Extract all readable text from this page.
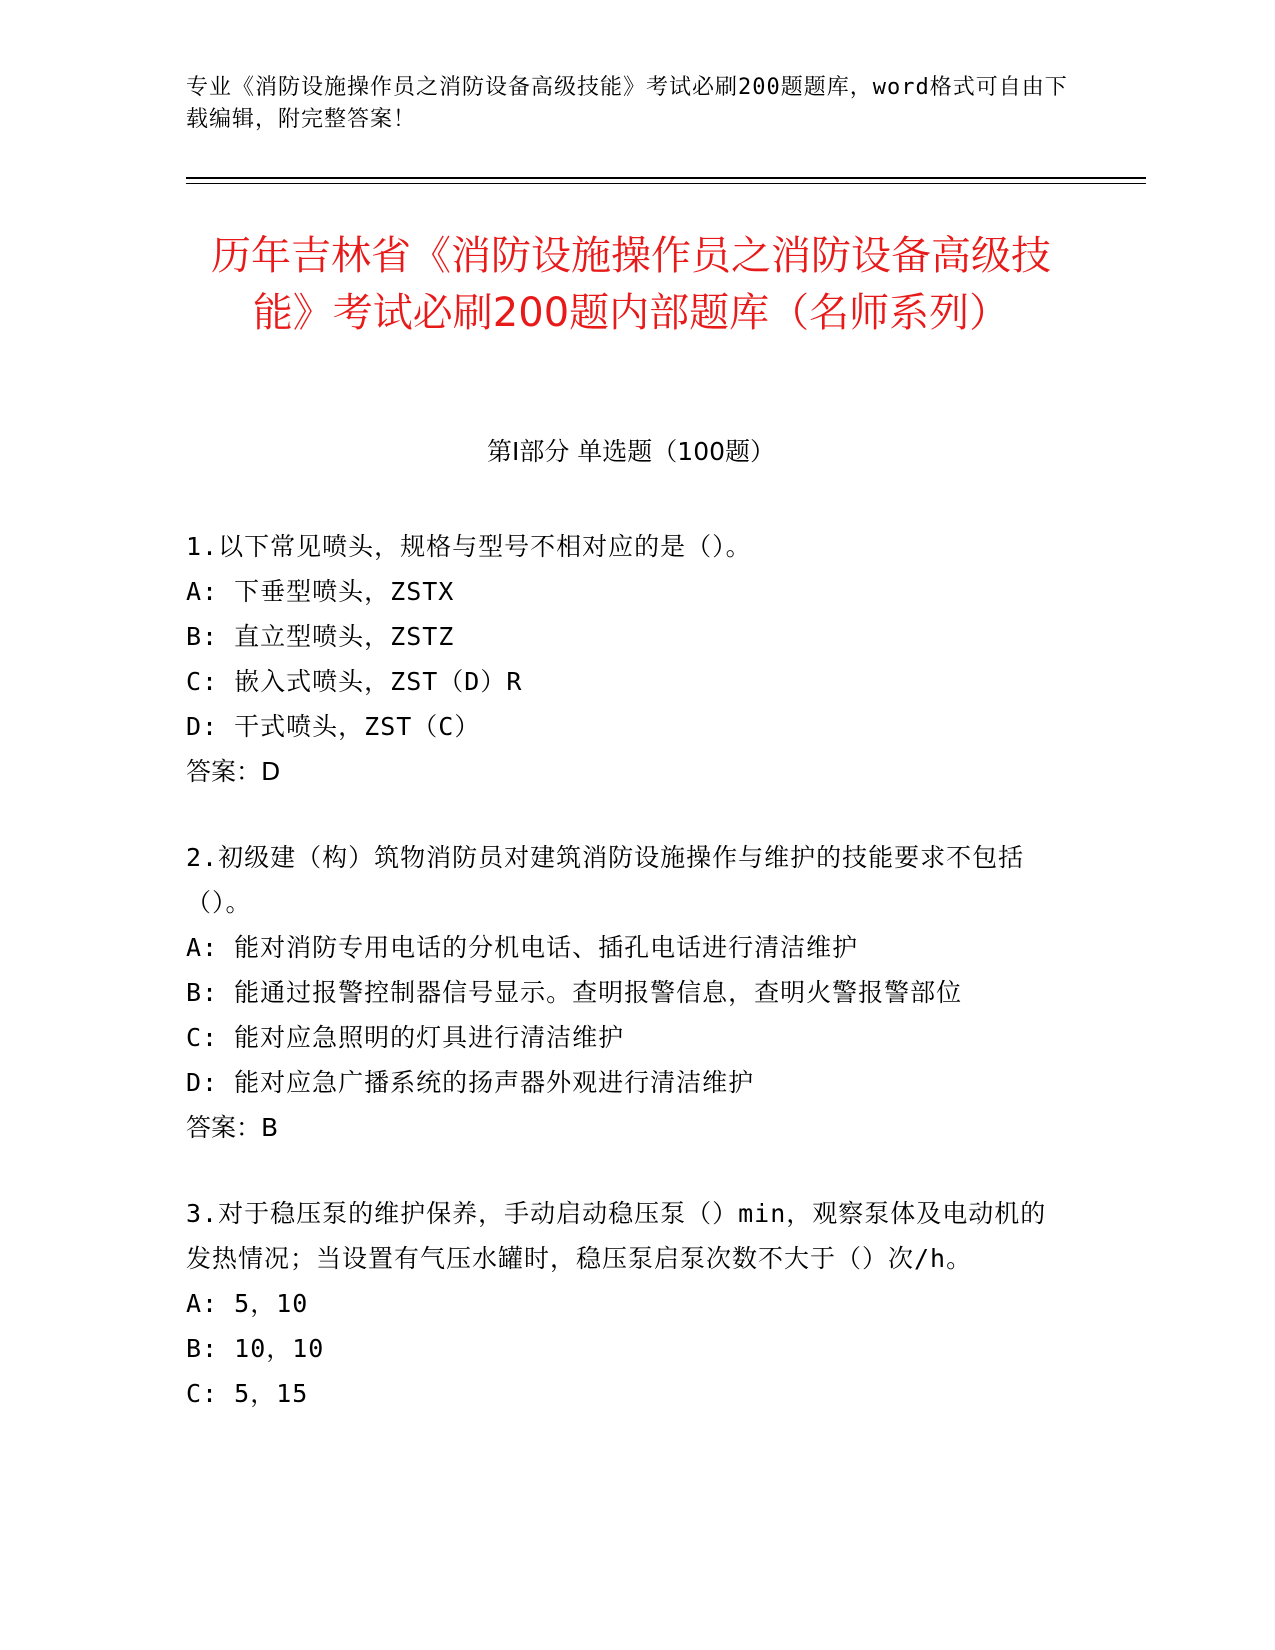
专业《消防设施操作员之消防设备高级技能》考试必刷200题题库，word格式可自由下载编辑，附完整答案！
历年吉林省《消防设施操作员之消防设备高级技能》考试必刷200题内部题库（名师系列）
第Ⅰ部分 单选题（100题）
1.以下常见喷头，规格与型号不相对应的是（）。
A: 下垂型喷头，ZSTX
B: 直立型喷头，ZSTZ
C: 嵌入式喷头，ZST（D）R
D: 干式喷头，ZST（C）
答案：D
2.初级建（构）筑物消防员对建筑消防设施操作与维护的技能要求不包括（）。
A: 能对消防专用电话的分机电话、插孔电话进行清洁维护
B: 能通过报警控制器信号显示。查明报警信息，查明火警报警部位
C: 能对应急照明的灯具进行清洁维护
D: 能对应急广播系统的扬声器外观进行清洁维护
答案：B
3.对于稳压泵的维护保养，手动启动稳压泵（）min，观察泵体及电动机的发热情况；当设置有气压水罐时，稳压泵启泵次数不大于（）次/h。
A: 5，10
B: 10，10
C: 5，15
